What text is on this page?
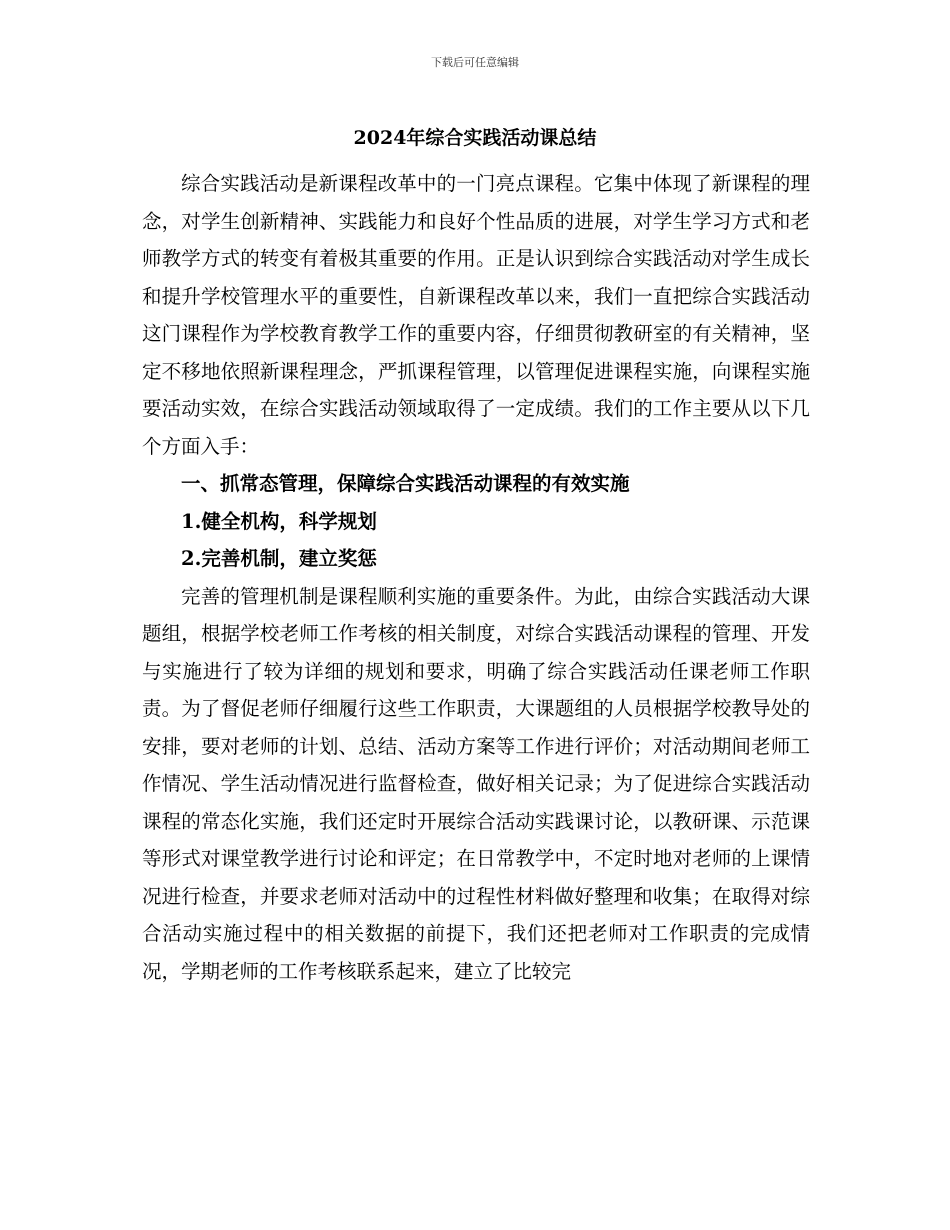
下载后可任意编辑
2024年综合实践活动课总结

综合实践活动是新课程改革中的一门亮点课程。它集中体现了新课程的理念，对学生创新精神、实践能力和良好个性品质的进展，对学生学习方式和老师教学方式的转变有着极其重要的作用。正是认识到综合实践活动对学生成长和提升学校管理水平的重要性，自新课程改革以来，我们一直把综合实践活动这门课程作为学校教育教学工作的重要内容，仔细贯彻教研室的有关精神，坚定不移地依照新课程理念，严抓课程管理，以管理促进课程实施，向课程实施要活动实效，在综合实践活动领域取得了一定成绩。我们的工作主要从以下几个方面入手：

一、抓常态管理，保障综合实践活动课程的有效实施

1.健全机构，科学规划

2.完善机制，建立奖惩

完善的管理机制是课程顺利实施的重要条件。为此，由综合实践活动大课题组，根据学校老师工作考核的相关制度，对综合实践活动课程的管理、开发与实施进行了较为详细的规划和要求，明确了综合实践活动任课老师工作职责。为了督促老师仔细履行这些工作职责，大课题组的人员根据学校教导处的安排，要对老师的计划、总结、活动方案等工作进行评价；对活动期间老师工作情况、学生活动情况进行监督检查，做好相关记录；为了促进综合实践活动课程的常态化实施，我们还定时开展综合活动实践课讨论，以教研课、示范课等形式对课堂教学进行讨论和评定；在日常教学中，不定时地对老师的上课情况进行检查，并要求老师对活动中的过程性材料做好整理和收集；在取得对综合活动实施过程中的相关数据的前提下，我们还把老师对工作职责的完成情况，学期老师的工作考核联系起来，建立了比较完
